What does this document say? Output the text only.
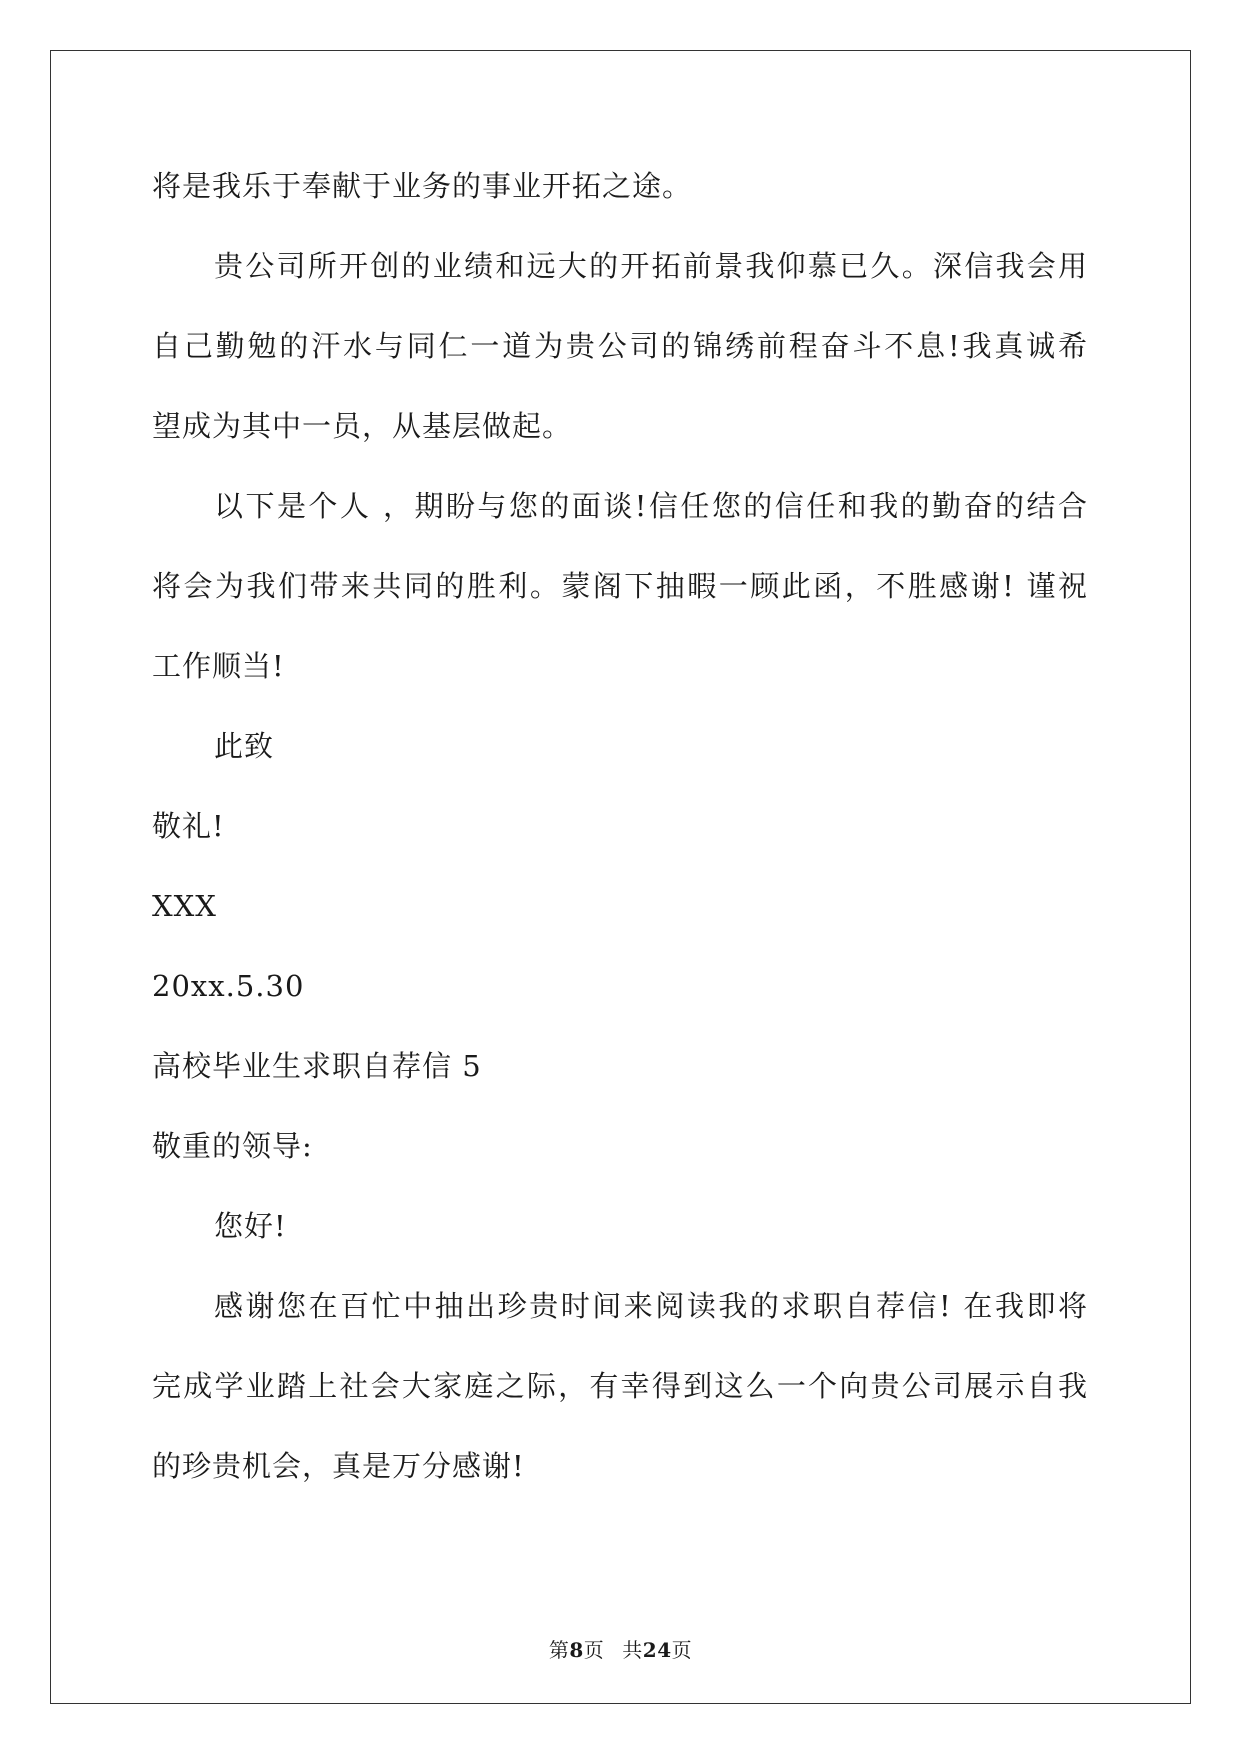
将是我乐于奉献于业务的事业开拓之途。
贵公司所开创的业绩和远大的开拓前景我仰慕已久。深信我会用
自己勤勉的汗水与同仁一道为贵公司的锦绣前程奋斗不息!我真诚希
望成为其中一员，从基层做起。
以下是个人 ，期盼与您的面谈!信任您的信任和我的勤奋的结合
将会为我们带来共同的胜利。蒙阁下抽暇一顾此函，不胜感谢! 谨祝
工作顺当!
此致
敬礼!
XXX
20xx.5.30
高校毕业生求职自荐信 5
敬重的领导:
您好!
感谢您在百忙中抽出珍贵时间来阅读我的求职自荐信! 在我即将
完成学业踏上社会大家庭之际，有幸得到这么一个向贵公司展示自我
的珍贵机会，真是万分感谢!
第8页 共24页
